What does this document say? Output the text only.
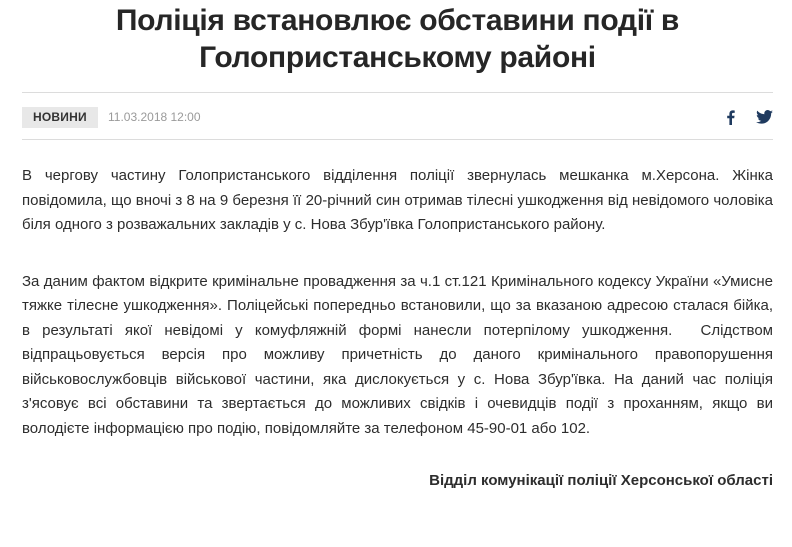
Поліція встановлює обставини події в Голопристанському районі
НОВИНИ	11.03.2018 12:00

В чергову частину Голопристанського відділення поліції звернулась мешканка м.Херсона. Жінка повідомила, що вночі з 8 на 9 березня її 20-річний син отримав тілесні ушкодження від невідомого чоловіка біля одного з розважальних закладів у с. Нова Збур'ївка Голопристанського району.

За даним фактом відкрите кримінальне провадження за ч.1 ст.121 Кримінального кодексу України «Умисне тяжке тілесне ушкодження». Поліцейські попередньо встановили, що за вказаною адресою сталася бійка, в результаті якої невідомі у комуфляжній формі нанесли потерпілому ушкодження. Слідством відпрацьовується версія про можливу причетність до даного кримінального правопорушення військовослужбовців військової частини, яка дислокується у с. Нова Збур'ївка. На даний час поліція з'ясовує всі обставини та звертається до можливих свідків і очевидців події з проханням, якщо ви володієте інформацією про подію, повідомляйте за телефоном 45-90-01 або 102.

Відділ комунікації поліції Херсонської області
